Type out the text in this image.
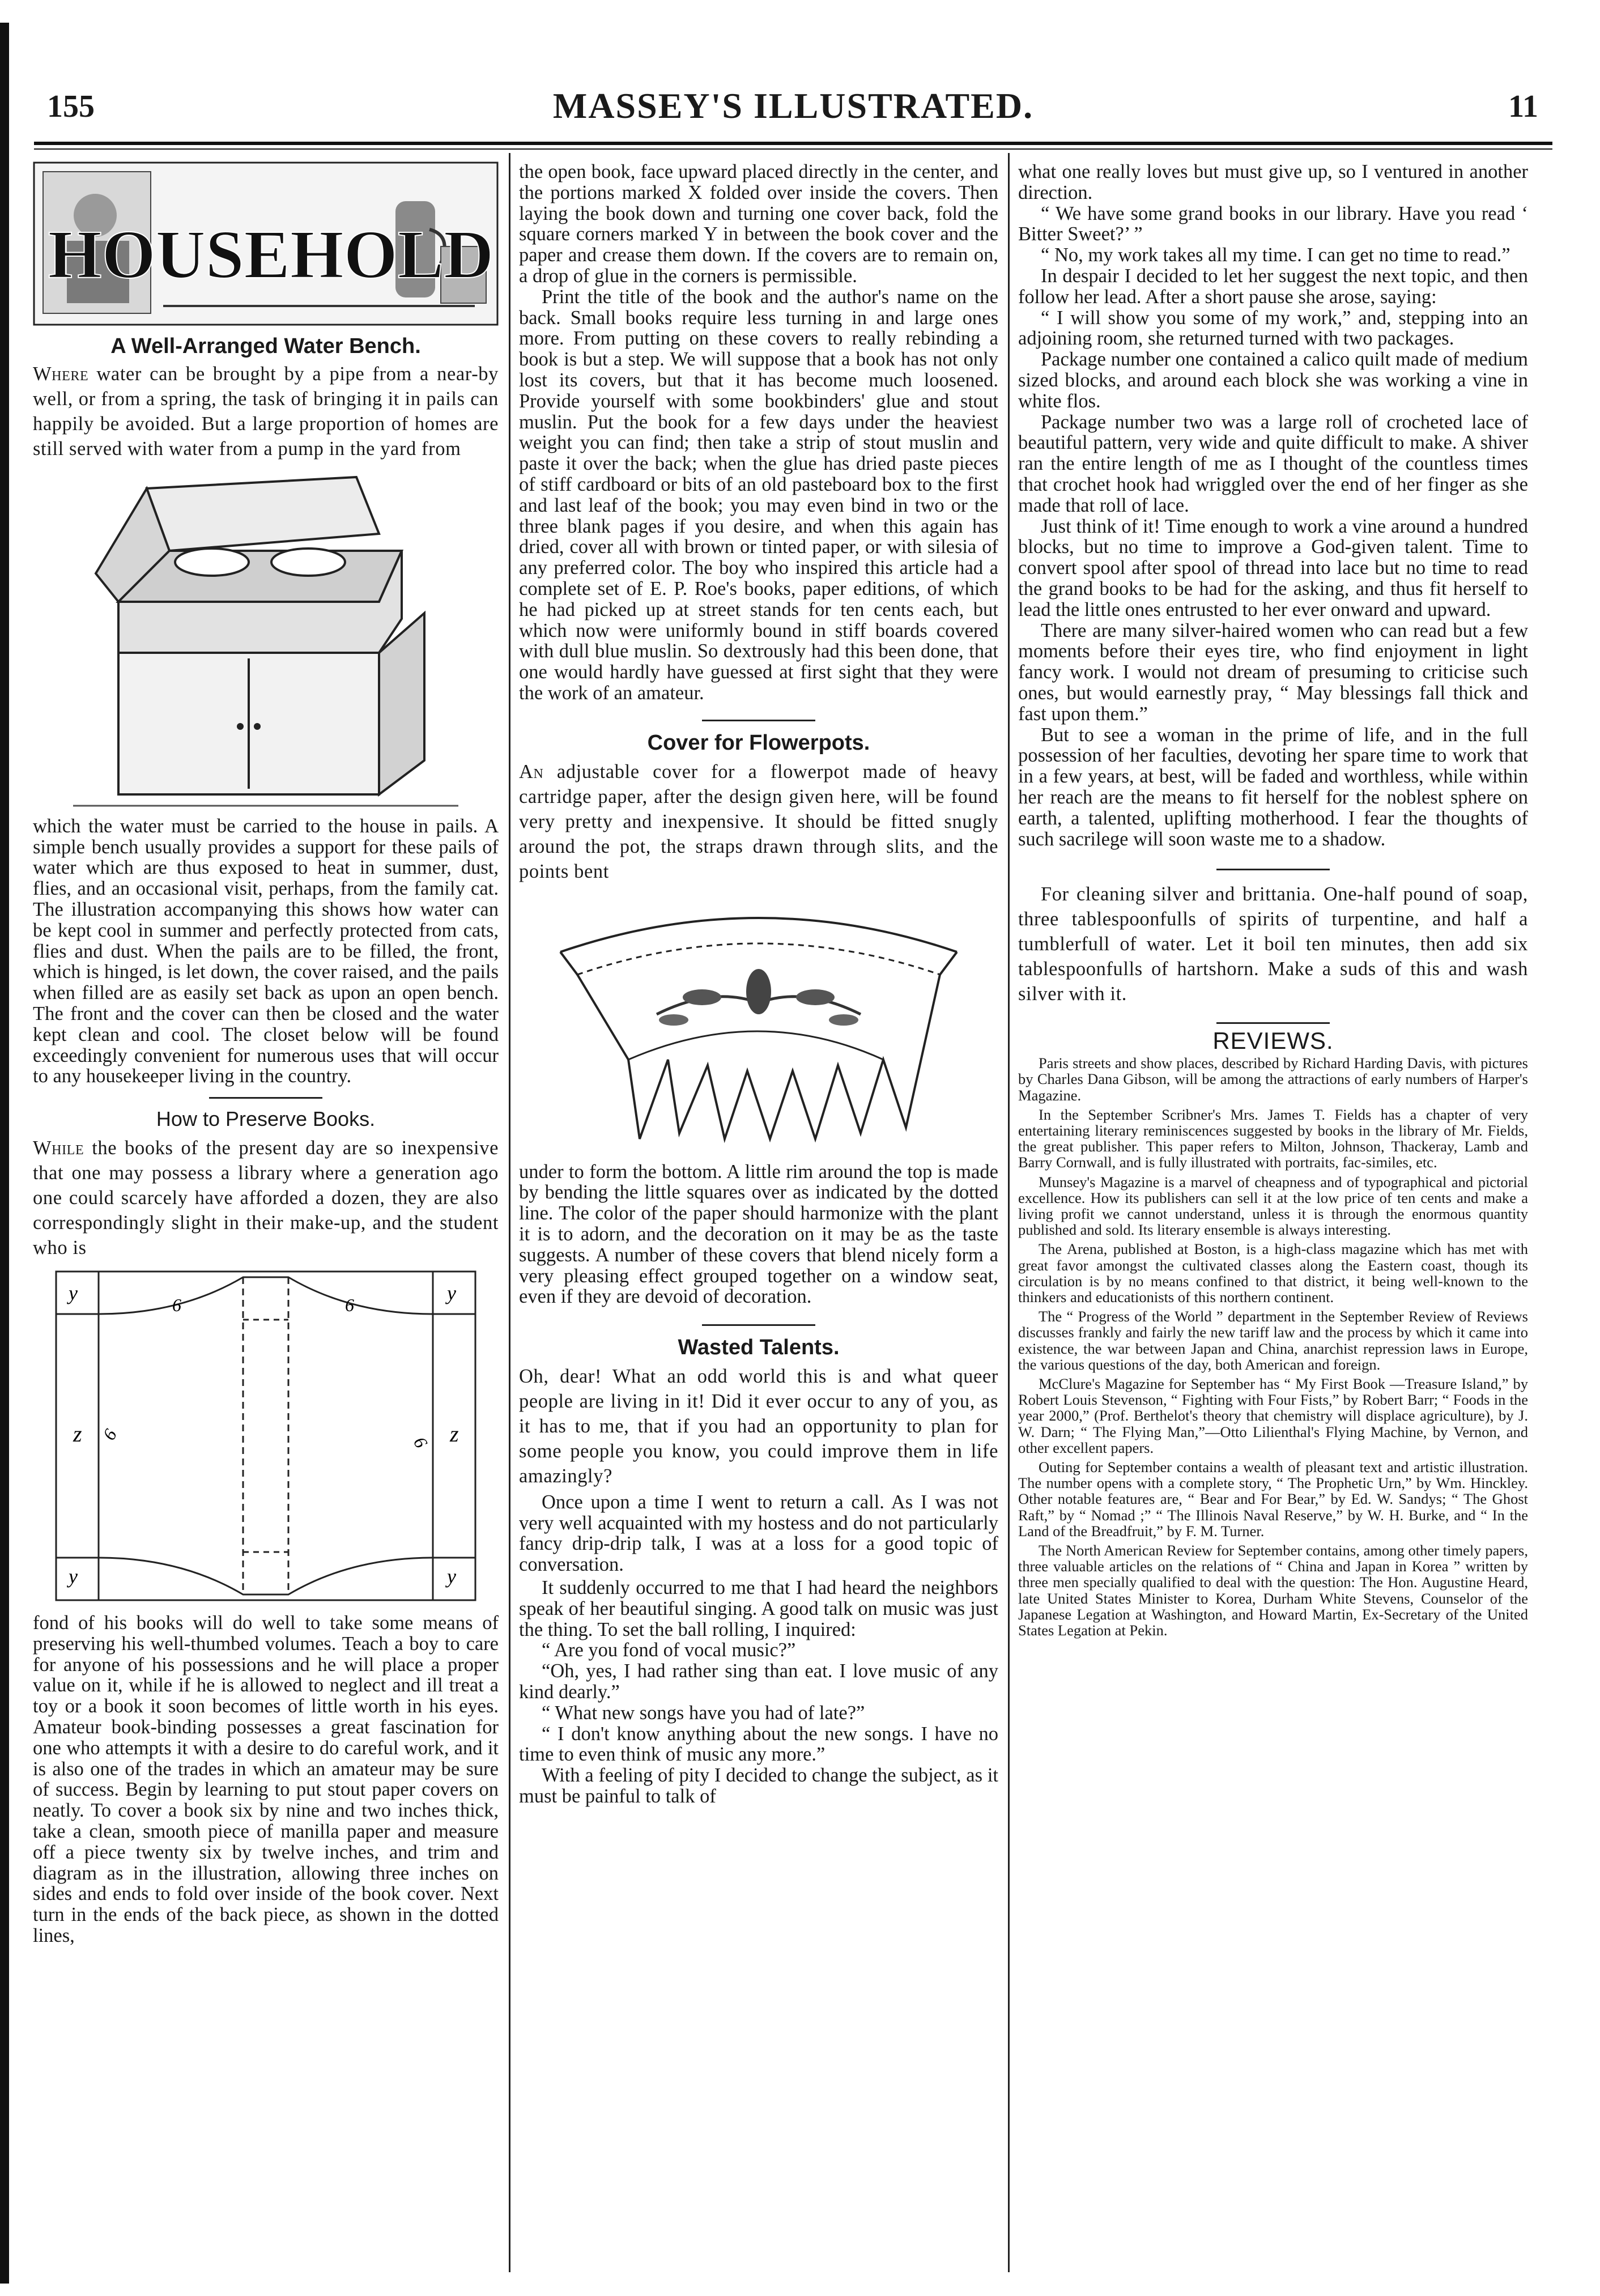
155	MASSEY'S ILLUSTRATED.	11
HOUSEHOLD
A Well-Arranged Water Bench.

Where water can be brought by a pipe from a near-by well, or from a spring, the task of bringing it in pails can happily be avoided. But a large proportion of homes are still served with water from a pump in the yard from

which the water must be carried to the house in pails. A simple bench usually provides a support for these pails of water which are thus exposed to heat in summer, dust, flies, and an occasional visit, perhaps, from the family cat. The illustration accompanying this shows how water can be kept cool in summer and perfectly protected from cats, flies and dust. When the pails are to be filled, the front, which is hinged, is let down, the cover raised, and the pails when filled are as easily set back as upon an open bench. The front and the cover can then be closed and the water kept clean and cool. The closet below will be found exceedingly convenient for numerous uses that will occur to any housekeeper living in the country.

How to Preserve Books.

While the books of the present day are so inexpensive that one may possess a library where a generation ago one could scarcely have afforded a dozen, they are also correspondingly slight in their make-up, and the student who is

y	y
y	y
z	z
6	6
6	6

fond of his books will do well to take some means of preserving his well-thumbed volumes. Teach a boy to care for anyone of his possessions and he will place a proper value on it, while if he is allowed to neglect and ill treat a toy or a book it soon becomes of little worth in his eyes. Amateur book-binding possesses a great fascination for one who attempts it with a desire to do careful work, and it is also one of the trades in which an amateur may be sure of success. Begin by learning to put stout paper covers on neatly. To cover a book six by nine and two inches thick, take a clean, smooth piece of manilla paper and measure off a piece twenty six by twelve inches, and trim and diagram as in the illustration, allowing three inches on sides and ends to fold over inside of the book cover. Next turn in the ends of the back piece, as shown in the dotted lines,

the open book, face upward placed directly in the center, and the portions marked X folded over inside the covers. Then laying the book down and turning one cover back, fold the square corners marked Y in between the book cover and the paper and crease them down. If the covers are to remain on, a drop of glue in the corners is permissible.

Print the title of the book and the author's name on the back. Small books require less turning in and large ones more. From putting on these covers to really rebinding a book is but a step. We will suppose that a book has not only lost its covers, but that it has become much loosened. Provide yourself with some bookbinders' glue and stout muslin. Put the book for a few days under the heaviest weight you can find; then take a strip of stout muslin and paste it over the back; when the glue has dried paste pieces of stiff cardboard or bits of an old pasteboard box to the first and last leaf of the book; you may even bind in two or the three blank pages if you desire, and when this again has dried, cover all with brown or tinted paper, or with silesia of any preferred color. The boy who inspired this article had a complete set of E. P. Roe's books, paper editions, of which he had picked up at street stands for ten cents each, but which now were uniformly bound in stiff boards covered with dull blue muslin. So dextrously had this been done, that one would hardly have guessed at first sight that they were the work of an amateur.

Cover for Flowerpots.

An adjustable cover for a flowerpot made of heavy cartridge paper, after the design given here, will be found very pretty and inexpensive. It should be fitted snugly around the pot, the straps drawn through slits, and the points bent

under to form the bottom. A little rim around the top is made by bending the little squares over as indicated by the dotted line. The color of the paper should harmonize with the plant it is to adorn, and the decoration on it may be as the taste suggests. A number of these covers that blend nicely form a very pleasing effect grouped together on a window seat, even if they are devoid of decoration.

Wasted Talents.

Oh, dear! What an odd world this is and what queer people are living in it! Did it ever occur to any of you, as it has to me, that if you had an opportunity to plan for some people you know, you could improve them in life amazingly?

Once upon a time I went to return a call. As I was not very well acquainted with my hostess and do not particularly fancy drip-drip talk, I was at a loss for a good topic of conversation.

It suddenly occurred to me that I had heard the neighbors speak of her beautiful singing. A good talk on music was just the thing. To set the ball rolling, I inquired:

“ Are you fond of vocal music?”

“Oh, yes, I had rather sing than eat. I love music of any kind dearly.”

“ What new songs have you had of late?”

“ I don't know anything about the new songs. I have no time to even think of music any more.”

With a feeling of pity I decided to change the subject, as it must be painful to talk of

what one really loves but must give up, so I ventured in another direction.

“ We have some grand books in our library. Have you read ‘ Bitter Sweet?’ ”

“ No, my work takes all my time. I can get no time to read.”

In despair I decided to let her suggest the next topic, and then follow her lead. After a short pause she arose, saying:

“ I will show you some of my work,” and, stepping into an adjoining room, she returned turned with two packages.

Package number one contained a calico quilt made of medium sized blocks, and around each block she was working a vine in white flos.

Package number two was a large roll of crocheted lace of beautiful pattern, very wide and quite difficult to make. A shiver ran the entire length of me as I thought of the countless times that crochet hook had wriggled over the end of her finger as she made that roll of lace.

Just think of it! Time enough to work a vine around a hundred blocks, but no time to improve a God-given talent. Time to convert spool after spool of thread into lace but no time to read the grand books to be had for the asking, and thus fit herself to lead the little ones entrusted to her ever onward and upward.

There are many silver-haired women who can read but a few moments before their eyes tire, who find enjoyment in light fancy work. I would not dream of presuming to criticise such ones, but would earnestly pray, “ May blessings fall thick and fast upon them.”

But to see a woman in the prime of life, and in the full possession of her faculties, devoting her spare time to work that in a few years, at best, will be faded and worthless, while within her reach are the means to fit herself for the noblest sphere on earth, a talented, uplifting motherhood. I fear the thoughts of such sacrilege will soon waste me to a shadow.

For cleaning silver and brittania. One-half pound of soap, three tablespoonfulls of spirits of turpentine, and half a tumblerfull of water. Let it boil ten minutes, then add six tablespoonfulls of hartshorn. Make a suds of this and wash silver with it.

REVIEWS.

Paris streets and show places, described by Richard Harding Davis, with pictures by Charles Dana Gibson, will be among the attractions of early numbers of Harper's Magazine.

In the September Scribner's Mrs. James T. Fields has a chapter of very entertaining literary reminiscences suggested by books in the library of Mr. Fields, the great publisher. This paper refers to Milton, Johnson, Thackeray, Lamb and Barry Cornwall, and is fully illustrated with portraits, fac-similes, etc.

Munsey's Magazine is a marvel of cheapness and of typographical and pictorial excellence. How its publishers can sell it at the low price of ten cents and make a living profit we cannot understand, unless it is through the enormous quantity published and sold. Its literary ensemble is always interesting.

The Arena, published at Boston, is a high-class magazine which has met with great favor amongst the cultivated classes along the Eastern coast, though its circulation is by no means confined to that district, it being well-known to the thinkers and educationists of this northern continent.

The “ Progress of the World ” department in the September Review of Reviews discusses frankly and fairly the new tariff law and the process by which it came into existence, the war between Japan and China, anarchist repression laws in Europe, the various questions of the day, both American and foreign.

McClure's Magazine for September has “ My First Book —Treasure Island,” by Robert Louis Stevenson, “ Fighting with Four Fists,” by Robert Barr; “ Foods in the year 2000,” (Prof. Berthelot's theory that chemistry will displace agriculture), by J. W. Darn; “ The Flying Man,”—Otto Lilienthal's Flying Machine, by Vernon, and other excellent papers.

Outing for September contains a wealth of pleasant text and artistic illustration. The number opens with a complete story, “ The Prophetic Urn,” by Wm. Hinckley. Other notable features are, “ Bear and For Bear,” by Ed. W. Sandys; “ The Ghost Raft,” by “ Nomad ;” “ The Illinois Naval Reserve,” by W. H. Burke, and “ In the Land of the Breadfruit,” by F. M. Turner.

The North American Review for September contains, among other timely papers, three valuable articles on the relations of “ China and Japan in Korea ” written by three men specially qualified to deal with the question: The Hon. Augustine Heard, late United States Minister to Korea, Durham White Stevens, Counselor of the Japanese Legation at Washington, and Howard Martin, Ex-Secretary of the United States Legation at Pekin.
